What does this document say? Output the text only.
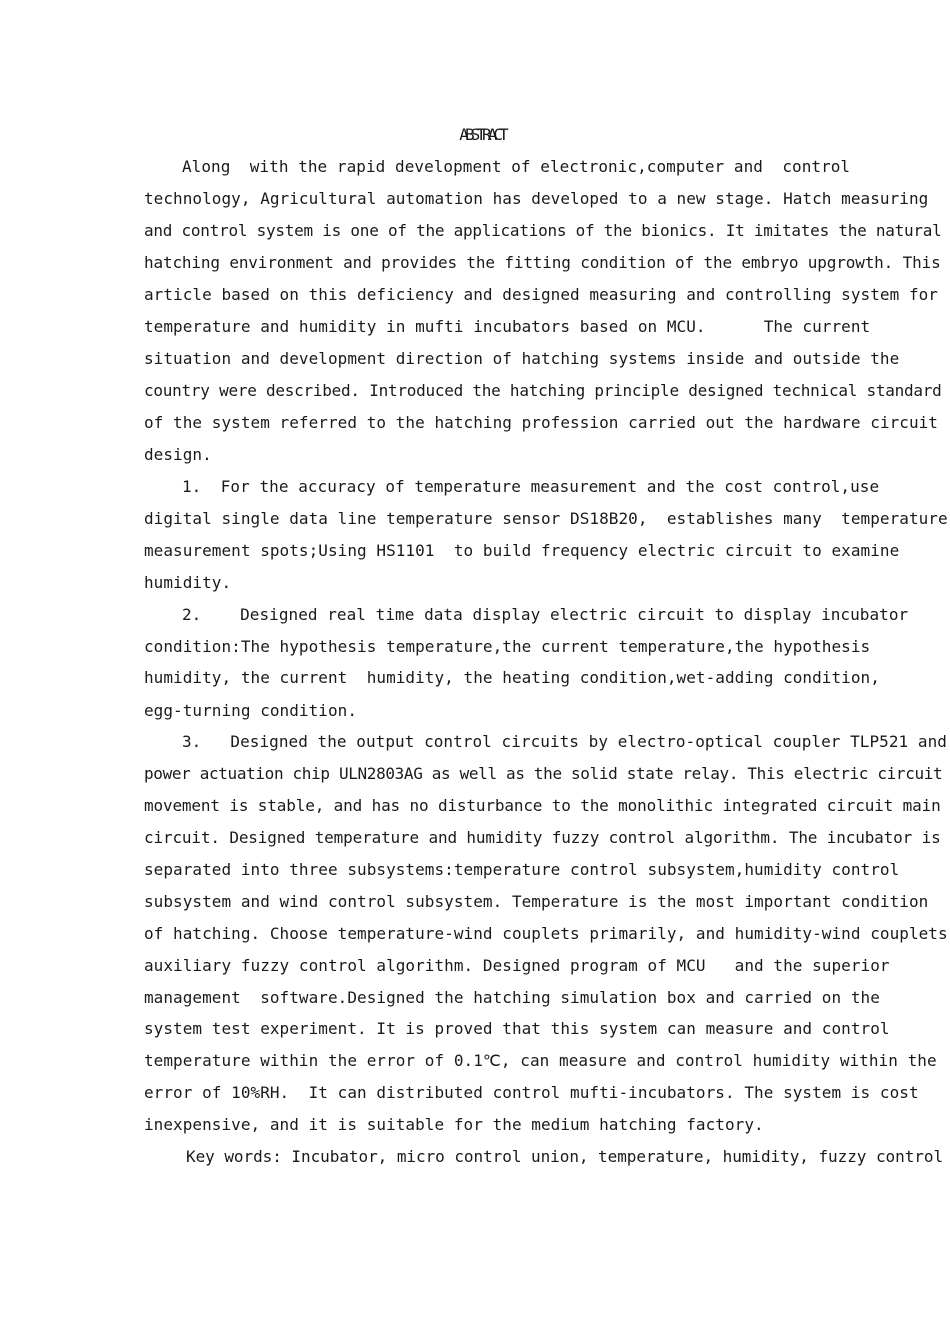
ABSTRACT
Along  with the rapid development of electronic,computer and  control
technology, Agricultural automation has developed to a new stage. Hatch measuring
and control system is one of the applications of the bionics. It imitates the natural
hatching environment and provides the fitting condition of the embryo upgrowth. This
article based on this deficiency and designed measuring and controlling system for
temperature and humidity in mufti incubators based on MCU.      The current
situation and development direction of hatching systems inside and outside the
country were described. Introduced the hatching principle designed technical standard
of the system referred to the hatching profession carried out the hardware circuit
design.
1.  For the accuracy of temperature measurement and the cost control,use
digital single data line temperature sensor DS18B20,  establishes many  temperature
measurement spots;Using HS1101  to build frequency electric circuit to examine
humidity.
2.    Designed real time data display electric circuit to display incubator
condition:The hypothesis temperature,the current temperature,the hypothesis
humidity, the current  humidity, the heating condition,wet-adding condition,
egg-turning condition.
3.   Designed the output control circuits by electro-optical coupler TLP521 and
power actuation chip ULN2803AG as well as the solid state relay. This electric circuit
movement is stable, and has no disturbance to the monolithic integrated circuit main
circuit. Designed temperature and humidity fuzzy control algorithm. The incubator is
separated into three subsystems:temperature control subsystem,humidity control
subsystem and wind control subsystem. Temperature is the most important condition
of hatching. Choose temperature-wind couplets primarily, and humidity-wind couplets
auxiliary fuzzy control algorithm. Designed program of MCU   and the superior
management  software.Designed the hatching simulation box and carried on the
system test experiment. It is proved that this system can measure and control
temperature within the error of 0.1℃, can measure and control humidity within the
error of 10%RH.  It can distributed control mufti-incubators. The system is cost
inexpensive, and it is suitable for the medium hatching factory.
Key words: Incubator, micro control union, temperature, humidity, fuzzy control
